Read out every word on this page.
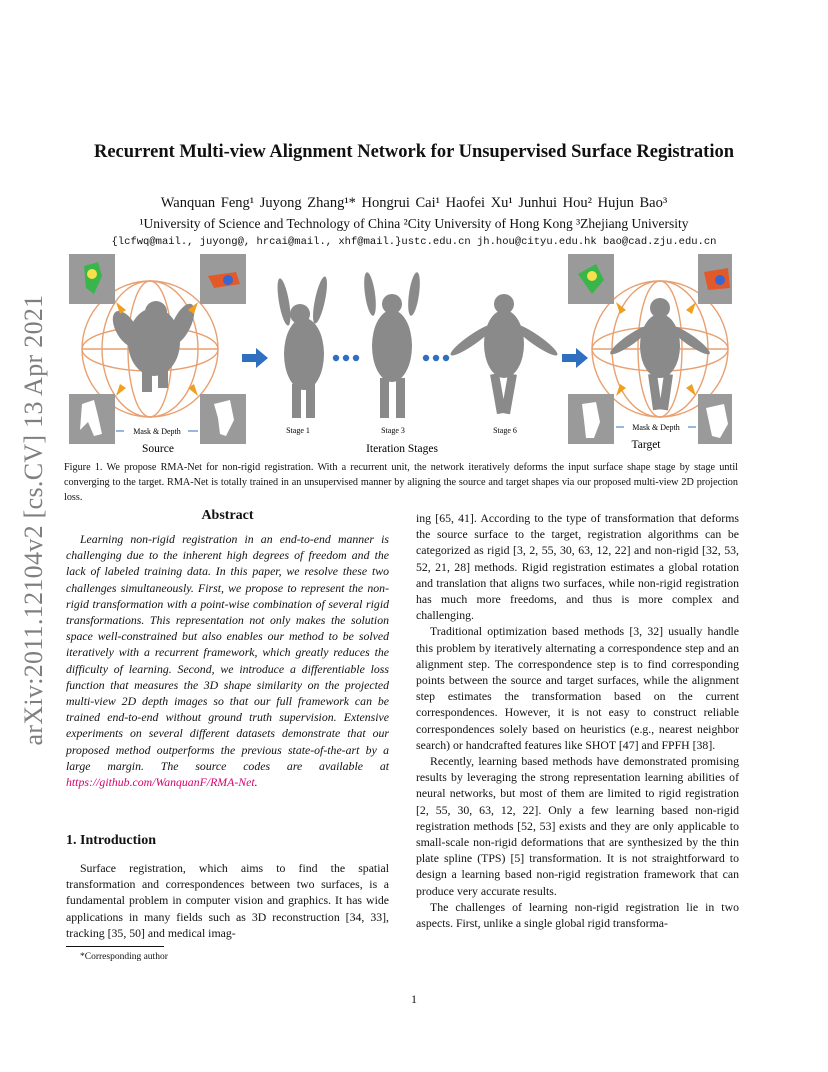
arXiv:2011.12104v2 [cs.CV] 13 Apr 2021
Recurrent Multi-view Alignment Network for Unsupervised Surface Registration
Wanquan Feng¹ Juyong Zhang¹* Hongrui Cai¹ Haofei Xu¹ Junhui Hou² Hujun Bao³
¹University of Science and Technology of China ²City University of Hong Kong ³Zhejiang University
{lcfwq@mail., juyong@, hrcai@mail., xhf@mail.}ustc.edu.cn jh.hou@cityu.edu.hk bao@cad.zju.edu.cn
Mask & Depth	Mask & Depth
Stage 1	Stage 3	Stage 6
Source	Iteration Stages	Target
Figure 1. We propose RMA-Net for non-rigid registration. With a recurrent unit, the network iteratively deforms the input surface shape stage by stage until converging to the target. RMA-Net is totally trained in an unsupervised manner by aligning the source and target shapes via our proposed multi-view 2D projection loss.
Abstract

Learning non-rigid registration in an end-to-end manner is challenging due to the inherent high degrees of freedom and the lack of labeled training data. In this paper, we resolve these two challenges simultaneously. First, we propose to represent the non-rigid transformation with a point-wise combination of several rigid transformations. This representation not only makes the solution space well-constrained but also enables our method to be solved iteratively with a recurrent framework, which greatly reduces the difficulty of learning. Second, we introduce a differentiable loss function that measures the 3D shape similarity on the projected multi-view 2D depth images so that our full framework can be trained end-to-end without ground truth supervision. Extensive experiments on several different datasets demonstrate that our proposed method outperforms the previous state-of-the-art by a large margin. The source codes are available at https://github.com/WanquanF/RMA-Net.

1. Introduction

Surface registration, which aims to find the spatial transformation and correspondences between two surfaces, is a fundamental problem in computer vision and graphics. It has wide applications in many fields such as 3D reconstruction [34, 33], tracking [35, 50] and medical imag-

*Corresponding author

ing [65, 41]. According to the type of transformation that deforms the source surface to the target, registration algorithms can be categorized as rigid [3, 2, 55, 30, 63, 12, 22] and non-rigid [32, 53, 52, 21, 28] methods. Rigid registration estimates a global rotation and translation that aligns two surfaces, while non-rigid registration has much more freedoms, and thus is more complex and challenging.

Traditional optimization based methods [3, 32] usually handle this problem by iteratively alternating a correspondence step and an alignment step. The correspondence step is to find corresponding points between the source and target surfaces, while the alignment step estimates the transformation based on the current correspondences. However, it is not easy to construct reliable correspondences solely based on heuristics (e.g., nearest neighbor search) or handcrafted features like SHOT [47] and FPFH [38].

Recently, learning based methods have demonstrated promising results by leveraging the strong representation learning abilities of neural networks, but most of them are limited to rigid registration [2, 55, 30, 63, 12, 22]. Only a few learning based non-rigid registration methods [52, 53] exists and they are only applicable to small-scale non-rigid deformations that are synthesized by the thin plate spline (TPS) [5] transformation. It is not straightforward to design a learning based non-rigid registration framework that can produce very accurate results.

The challenges of learning non-rigid registration lie in two aspects. First, unlike a single global rigid transforma-

1
